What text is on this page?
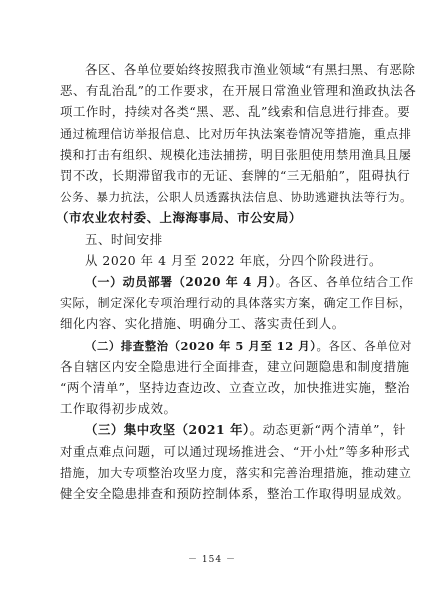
各区、各单位要始终按照我市渔业领域“有黑扫黑、有恶除
恶、有乱治乱”的工作要求，在开展日常渔业管理和渔政执法各
项工作时，持续对各类“黑、恶、乱”线索和信息进行排查。要
通过梳理信访举报信息、比对历年执法案卷情况等措施，重点排
摸和打击有组织、规模化违法捕捞，明目张胆使用禁用渔具且屡
罚不改，长期滞留我市的无证、套牌的“三无船舶”，阻碍执行
公务、暴力抗法，公职人员透露执法信息、协助逃避执法等行为。
（市农业农村委、上海海事局、市公安局）
五、时间安排
从 2020 年 4 月至 2022 年底，分四个阶段进行。
（一）动员部署（2020 年 4 月）。各区、各单位结合工作
实际，制定深化专项治理行动的具体落实方案，确定工作目标，
细化内容、实化措施、明确分工、落实责任到人。
（二）排查整治（2020 年 5 月至 12 月）。各区、各单位对
各自辖区内安全隐患进行全面排查，建立问题隐患和制度措施
“两个清单”，坚持边查边改、立查立改，加快推进实施，整治
工作取得初步成效。
（三）集中攻坚（2021 年）。动态更新“两个清单”，针
对重点难点问题，可以通过现场推进会、“开小灶”等多种形式
措施，加大专项整治攻坚力度，落实和完善治理措施，推动建立
健全安全隐患排查和预防控制体系，整治工作取得明显成效。
－ 154 －
